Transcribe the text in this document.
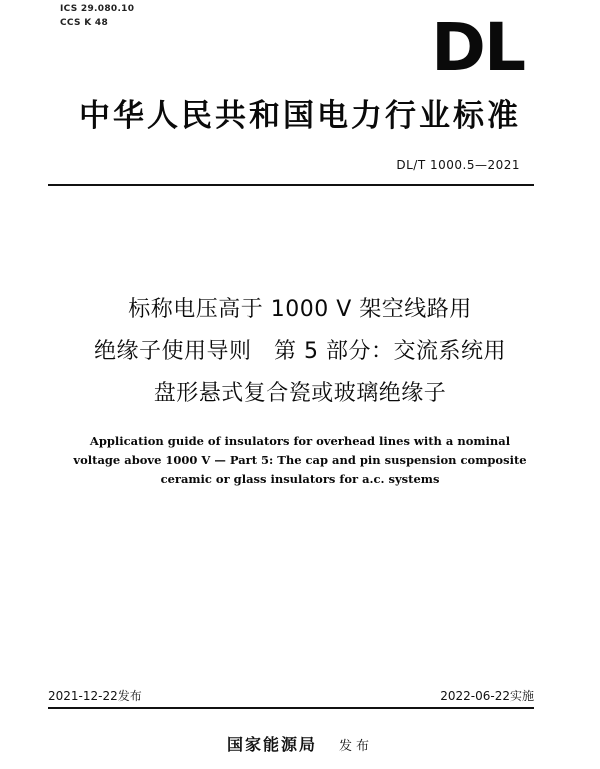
ICS 29.080.10
CCS K 48	DL
中华人民共和国电力行业标准
DL/T 1000.5—2021
标称电压高于 1000 V 架空线路用
绝缘子使用导则　第 5 部分：交流系统用
盘形悬式复合瓷或玻璃绝缘子
Application guide of insulators for overhead lines with a nominal
voltage above 1000 V — Part 5: The cap and pin suspension composite
ceramic or glass insulators for a.c. systems
2021-12-22发布	2022-06-22实施
国家能源局 发布
